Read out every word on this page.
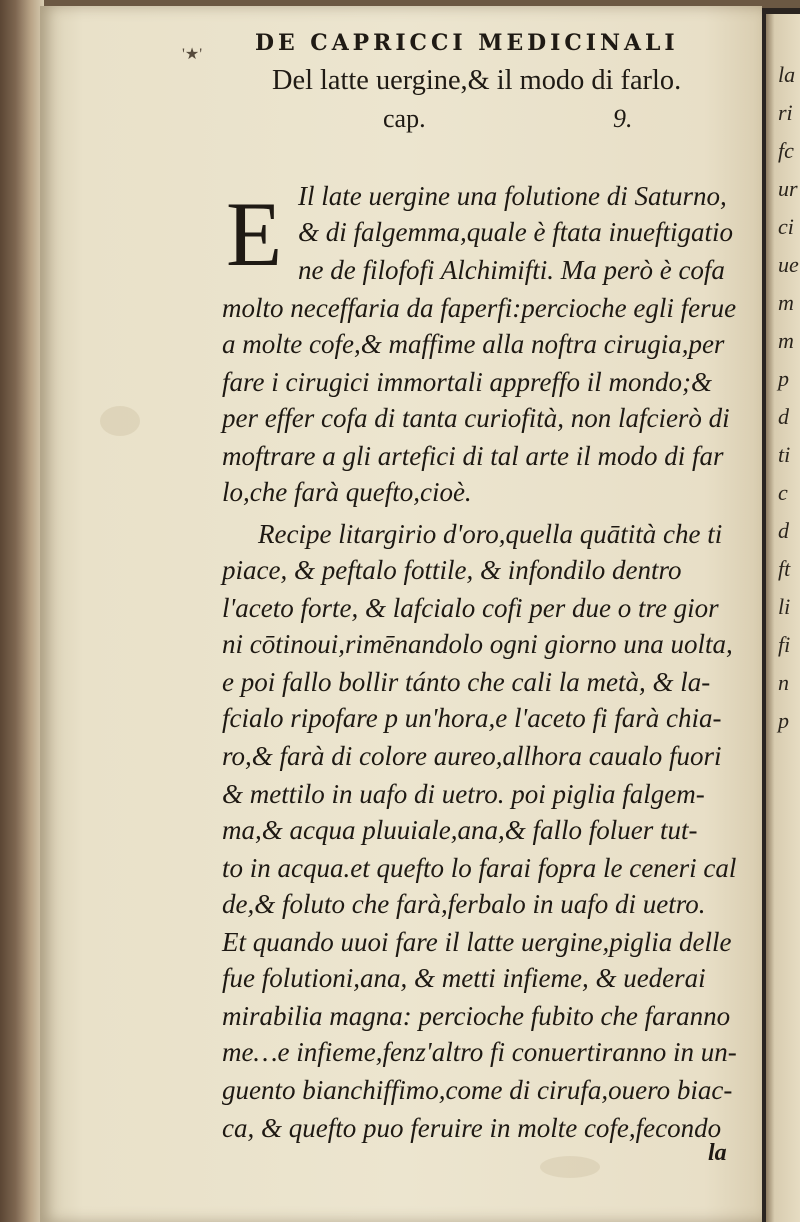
'★' DE CAPRICCI MEDICINALI
Del latte uergine,& il modo di farlo.
cap.	9.
E Il late uergine una folutione di Saturno,
& di falgemma,quale è ftata inueftigatio
ne de filofofi Alchimifti. Ma però è cofa
molto neceffaria da faperfi:percioche egli ferue
a molte cofe,& maffime alla noftra cirugia,per
fare i cirugici immortali appreffo il mondo;&
per effer cofa di tanta curiofità, non lafcierò di
moftrare a gli artefici di tal arte il modo di far
lo,che farà quefto,cioè.
Recipe litargirio d'oro,quella quātità che ti
piace, & peftalo fottile, & infondilo dentro
l'aceto forte, & lafcialo cofi per due o tre gior
ni cōtinoui,rimēnandolo ogni giorno una uolta,
e poi fallo bollir tánto che cali la metà, & la-
fcialo ripofare p un'hora,e l'aceto fi farà chia-
ro,& farà di colore aureo,allhora caualo fuori
& mettilo in uafo di uetro. poi piglia falgem-
ma,& acqua pluuiale,ana,& fallo foluer tut-
to in acqua.et quefto lo farai fopra le ceneri cal
de,& foluto che farà,ferbalo in uafo di uetro.
Et quando uuoi fare il latte uergine,piglia delle
fue folutioni,ana, & metti infieme, & uederai
mirabilia magna: percioche fubito che faranno
me…e infieme,fenz'altro fi conuertiranno in un-
guento bianchiffimo,come di cirufa,ouero biac-
ca, & quefto puo feruire in molte cofe,fecondo
la
la
ri
fc
ur
ci
ue
m
m
p
d
ti
c
d
ft
li
fi
n
p
